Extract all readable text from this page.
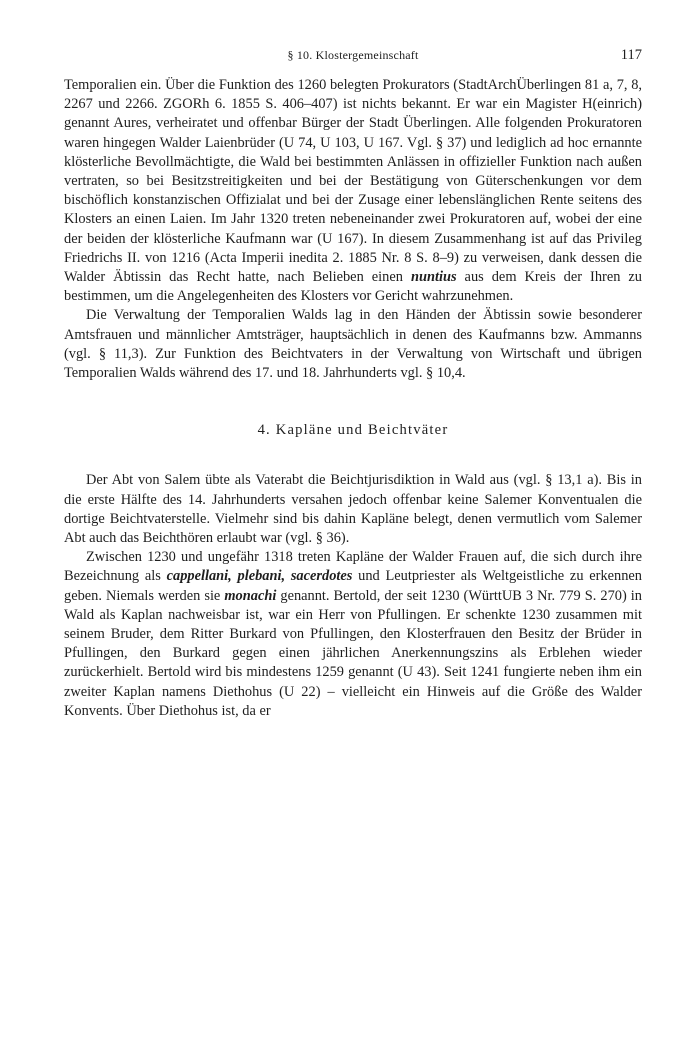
§ 10. Klostergemeinschaft	117

Temporalien ein. Über die Funktion des 1260 belegten Prokurators (StadtArchÜberlingen 81 a, 7, 8, 2267 und 2266. ZGORh 6. 1855 S. 406–407) ist nichts bekannt. Er war ein Magister H(einrich) genannt Aures, verheiratet und offenbar Bürger der Stadt Überlingen. Alle folgenden Prokuratoren waren hingegen Walder Laienbrüder (U 74, U 103, U 167. Vgl. § 37) und lediglich ad hoc ernannte klösterliche Bevollmächtigte, die Wald bei bestimmten Anlässen in offizieller Funktion nach außen vertraten, so bei Besitzstreitigkeiten und bei der Bestätigung von Güterschenkungen vor dem bischöflich konstanzischen Offizialat und bei der Zusage einer lebenslänglichen Rente seitens des Klosters an einen Laien. Im Jahr 1320 treten nebeneinander zwei Prokuratoren auf, wobei der eine der beiden der klösterliche Kaufmann war (U 167). In diesem Zusammenhang ist auf das Privileg Friedrichs II. von 1216 (Acta Imperii inedita 2. 1885 Nr. 8 S. 8–9) zu verweisen, dank dessen die Walder Äbtissin das Recht hatte, nach Belieben einen nuntius aus dem Kreis der Ihren zu bestimmen, um die Angelegenheiten des Klosters vor Gericht wahrzunehmen.

Die Verwaltung der Temporalien Walds lag in den Händen der Äbtissin sowie besonderer Amtsfrauen und männlicher Amtsträger, hauptsächlich in denen des Kaufmanns bzw. Ammanns (vgl. § 11,3). Zur Funktion des Beichtvaters in der Verwaltung von Wirtschaft und übrigen Temporalien Walds während des 17. und 18. Jahrhunderts vgl. § 10,4.

4. Kapläne und Beichtväter

Der Abt von Salem übte als Vaterabt die Beichtjurisdiktion in Wald aus (vgl. § 13,1 a). Bis in die erste Hälfte des 14. Jahrhunderts versahen jedoch offenbar keine Salemer Konventualen die dortige Beichtvaterstelle. Vielmehr sind bis dahin Kapläne belegt, denen vermutlich vom Salemer Abt auch das Beichthören erlaubt war (vgl. § 36).

Zwischen 1230 und ungefähr 1318 treten Kapläne der Walder Frauen auf, die sich durch ihre Bezeichnung als cappellani, plebani, sacerdotes und Leutpriester als Weltgeistliche zu erkennen geben. Niemals werden sie monachi genannt. Bertold, der seit 1230 (WürttUB 3 Nr. 779 S. 270) in Wald als Kaplan nachweisbar ist, war ein Herr von Pfullingen. Er schenkte 1230 zusammen mit seinem Bruder, dem Ritter Burkard von Pfullingen, den Klosterfrauen den Besitz der Brüder in Pfullingen, den Burkard gegen einen jährlichen Anerkennungszins als Erblehen wieder zurückerhielt. Bertold wird bis mindestens 1259 genannt (U 43). Seit 1241 fungierte neben ihm ein zweiter Kaplan namens Diethohus (U 22) – vielleicht ein Hinweis auf die Größe des Walder Konvents. Über Diethohus ist, da er
